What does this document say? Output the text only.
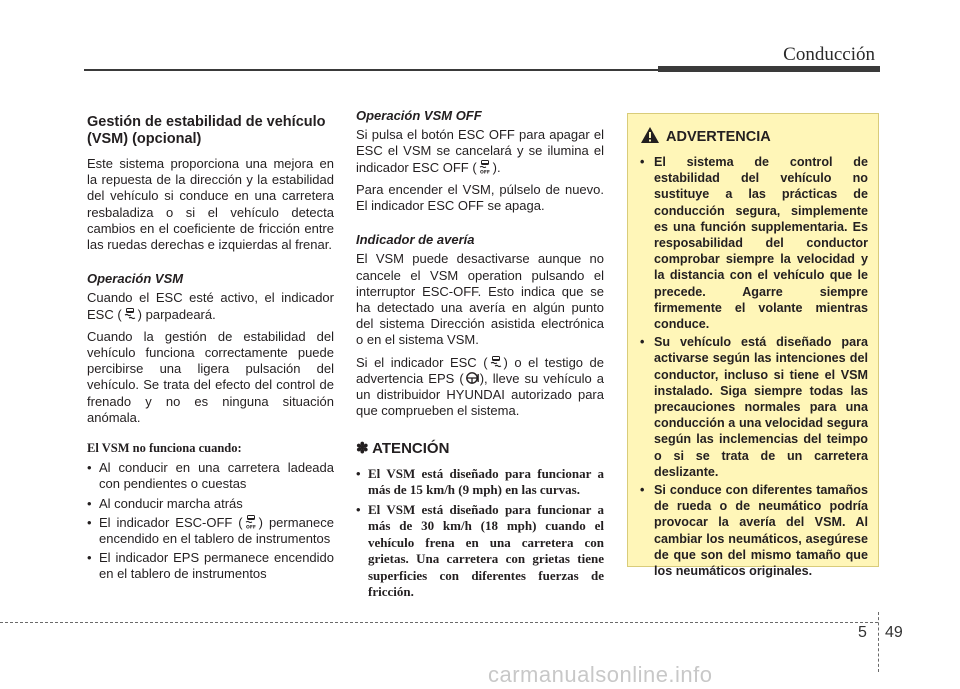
Conducción
Gestión de estabilidad de vehículo (VSM) (opcional)
Este sistema proporciona una mejora en la repuesta de la dirección y la estabilidad del vehículo si conduce en una carretera resbaladiza o si el vehículo detecta cambios en el coeficiente de fricción entre las ruedas derechas e izquierdas al frenar.
Operación VSM
Cuando el ESC esté activo, el indicador ESC ( ) parpadeará.
Cuando la gestión de estabilidad del vehículo funciona correctamente puede percibirse una ligera pulsación del vehículo. Se trata del efecto del control de frenado y no es ninguna situación anómala.
El VSM no funciona cuando:
• Al conducir en una carretera ladeada con pendientes o cuestas
• Al conducir marcha atrás
• El indicador ESC-OFF ( OFF ) permanece encendido en el tablero de instrumentos
• El indicador EPS permanece encendido en el tablero de instrumentos
Operación VSM OFF
Si pulsa el botón ESC OFF para apagar el ESC el VSM se cancelará y se ilumina el indicador ESC OFF ( OFF ).
Para encender el VSM, púlselo de nuevo. El indicador ESC OFF se apaga.
Indicador de avería
El VSM puede desactivarse aunque no cancele el VSM operation pulsando el interruptor ESC-OFF. Esto indica que se ha detectado una avería en algún punto del sistema Dirección asistida electrónica o en el sistema VSM.
Si el indicador ESC ( ) o el testigo de advertencia EPS ( ), lleve su vehículo a un distribuidor HYUNDAI autorizado para que comprueben el sistema.
✽ ATENCIÓN
• El VSM está diseñado para funcionar a más de 15 km/h (9 mph) en las curvas.
• El VSM está diseñado para funcionar a más de 30 km/h (18 mph) cuando el vehículo frena en una carretera con grietas. Una carretera con grietas tiene superficies con diferentes fuerzas de fricción.
ADVERTENCIA
• El sistema de control de estabilidad del vehículo no sustituye a las prácticas de conducción segura, simplemente es una función supplementaria. Es resposabilidad del conductor comprobar siempre la velocidad y la distancia con el vehículo que le precede. Agarre siempre firmemente el volante mientras conduce.
• Su vehículo está diseñado para activarse según las intenciones del conductor, incluso si tiene el VSM instalado. Siga siempre todas las precauciones normales para una conducción a una velocidad segura según las inclemencias del teimpo o si se trata de un carretera deslizante.
• Si conduce con diferentes tamaños de rueda o de neumático podría provocar la avería del VSM. Al cambiar los neumáticos, asegúrese de que son del mismo tamaño que los neumáticos originales.
5 49
carmanualsonline.info
